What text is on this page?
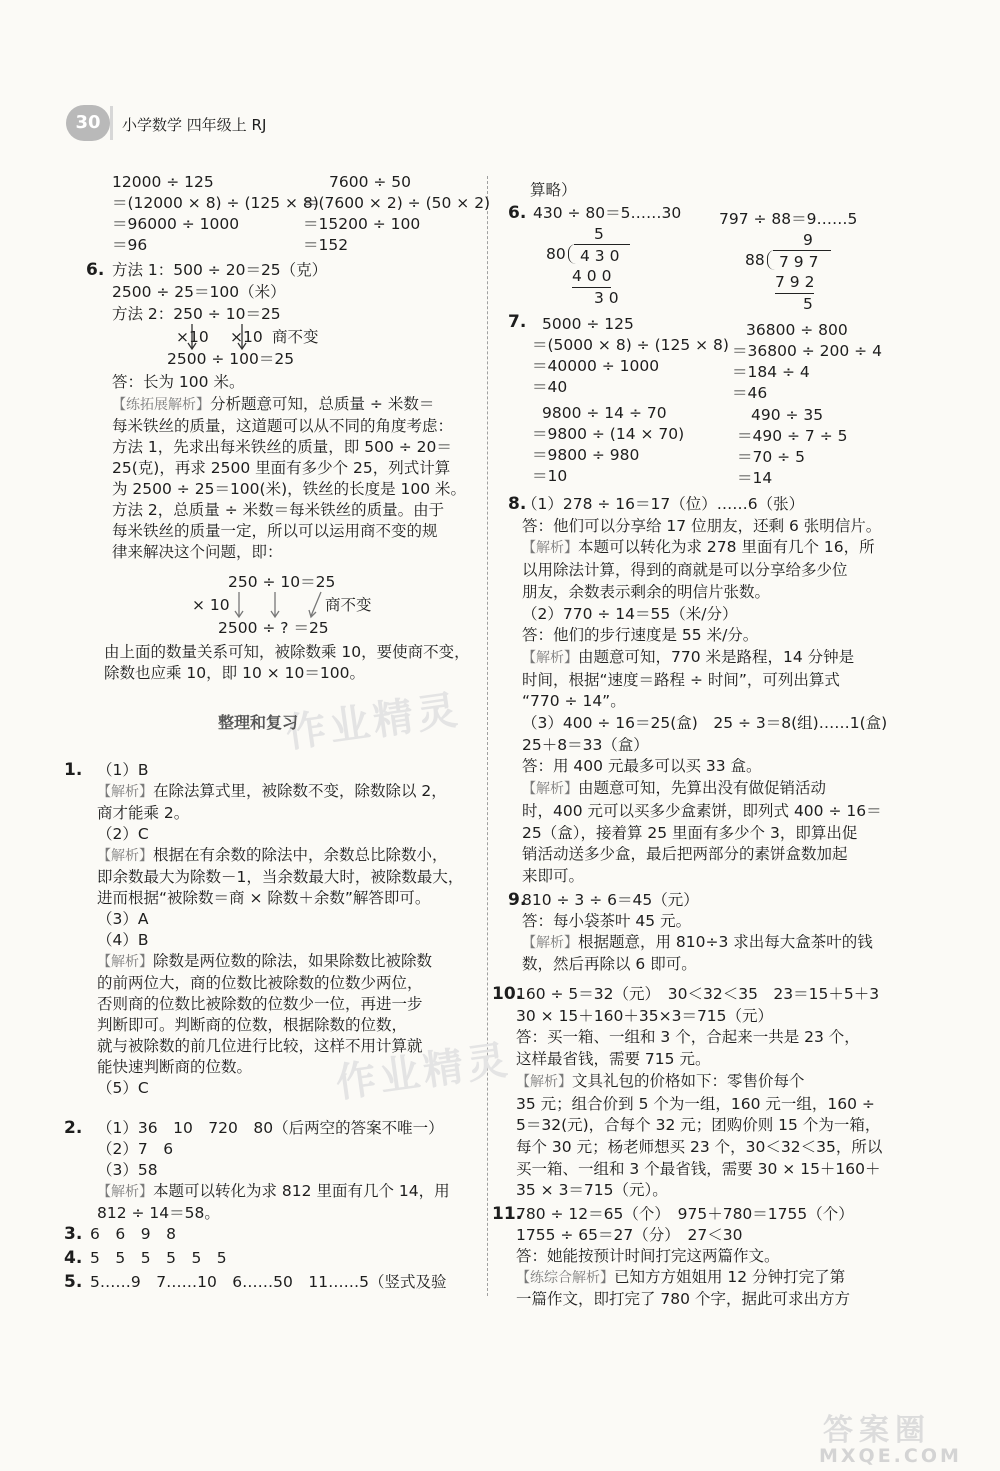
30	小学数学 四年级上 RJ
作业精灵
作业精灵
12000 ÷ 125
＝(12000 × 8) ÷ (125 × 8)
＝96000 ÷ 1000
＝96
7600 ÷ 50
＝(7600 × 2) ÷ (50 × 2)
＝15200 ÷ 100
＝152
6. 方法 1：500 ÷ 20＝25（克）
2500 ÷ 25＝100（米）
方法 2：250 ÷ 10＝25
×10 ×10 商不变
2500 ÷ 100＝25
答：长为 100 米。
【练拓展解析】分析题意可知，总质量 ÷ 米数＝
每米铁丝的质量，这道题可以从不同的角度考虑：
方法 1，先求出每米铁丝的质量，即 500 ÷ 20＝
25(克)，再求 2500 里面有多少个 25，列式计算
为 2500 ÷ 25＝100(米)，铁丝的长度是 100 米。
方法 2，总质量 ÷ 米数＝每米铁丝的质量。由于
每米铁丝的质量一定，所以可以运用商不变的规
律来解决这个问题，即：
250 ÷ 10＝25
× 10	商不变
2500 ÷ ? ＝25
由上面的数量关系可知，被除数乘 10，要使商不变，
除数也应乘 10，即 10 × 10＝100。
整理和复习
1. （1）B
【解析】在除法算式里，被除数不变，除数除以 2，
商才能乘 2。
（2）C
【解析】根据在有余数的除法中，余数总比除数小，
即余数最大为除数－1，当余数最大时，被除数最大，
进而根据“被除数＝商 × 除数＋余数”解答即可。
（3）A
（4）B
【解析】除数是两位数的除法，如果除数比被除数
的前两位大，商的位数比被除数的位数少两位，
否则商的位数比被除数的位数少一位，再进一步
判断即可。判断商的位数，根据除数的位数，
就与被除数的前几位进行比较，这样不用计算就
能快速判断商的位数。
（5）C
2. （1）36　10　720　80（后两空的答案不唯一）
（2）7　6
（3）58
【解析】本题可以转化为求 812 里面有几个 14，用
812 ÷ 14＝58。
3. 6　6　9　8
4. 5　5　5　5　5　5
5. 5……9　7……10　6……50　11……5（竖式及验
算略）
6. 430 ÷ 80＝5……30 797 ÷ 88＝9……5
5
80 4 3 0
4 0 0
3 0
9
88 7 9 7
7 9 2
5
7.	5000 ÷ 125
＝(5000 × 8) ÷ (125 × 8)
＝40000 ÷ 1000
＝40
36800 ÷ 800
＝36800 ÷ 200 ÷ 4
＝184 ÷ 4
＝46
9800 ÷ 14 ÷ 70
＝9800 ÷ (14 × 70)
＝9800 ÷ 980
＝10
490 ÷ 35
＝490 ÷ 7 ÷ 5
＝70 ÷ 5
＝14
8.
（1）278 ÷ 16＝17（位）……6（张）
答：他们可以分享给 17 位朋友，还剩 6 张明信片。
【解析】本题可以转化为求 278 里面有几个 16，所
以用除法计算，得到的商就是可以分享给多少位
朋友，余数表示剩余的明信片张数。
（2）770 ÷ 14＝55（米/分）
答：他们的步行速度是 55 米/分。
【解析】由题意可知，770 米是路程，14 分钟是
时间，根据“速度＝路程 ÷ 时间”，可列出算式
“770 ÷ 14”。
（3）400 ÷ 16＝25(盒)　25 ÷ 3＝8(组)……1(盒)
25＋8＝33（盒）
答：用 400 元最多可以买 33 盒。
【解析】由题意可知，先算出没有做促销活动
时，400 元可以买多少盒素饼，即列式 400 ÷ 16＝
25（盒），接着算 25 里面有多少个 3，即算出促
销活动送多少盒，最后把两部分的素饼盒数加起
来即可。
9.
810 ÷ 3 ÷ 6＝45（元）
答：每小袋茶叶 45 元。
【解析】根据题意，用 810÷3 求出每大盒茶叶的钱
数，然后再除以 6 即可。
10.
160 ÷ 5＝32（元）　30＜32＜35　23＝15＋5＋3
30 × 15＋160＋35×3＝715（元）
答：买一箱、一组和 3 个，合起来一共是 23 个，
这样最省钱，需要 715 元。
【解析】文具礼包的价格如下：零售价每个
35 元；组合价到 5 个为一组，160 元一组，160 ÷
5＝32(元)，合每个 32 元；团购价则 15 个为一箱，
每个 30 元；杨老师想买 23 个，30＜32＜35，所以
买一箱、一组和 3 个最省钱，需要 30 × 15＋160＋
35 × 3＝715（元）。
11.
780 ÷ 12＝65（个）　975＋780＝1755（个）
1755 ÷ 65＝27（分）　27＜30
答：她能按预计时间打完这两篇作文。
【练综合解析】已知方方姐姐用 12 分钟打完了第
一篇作文，即打完了 780 个字，据此可求出方方
答案圈
MXQE.COM
